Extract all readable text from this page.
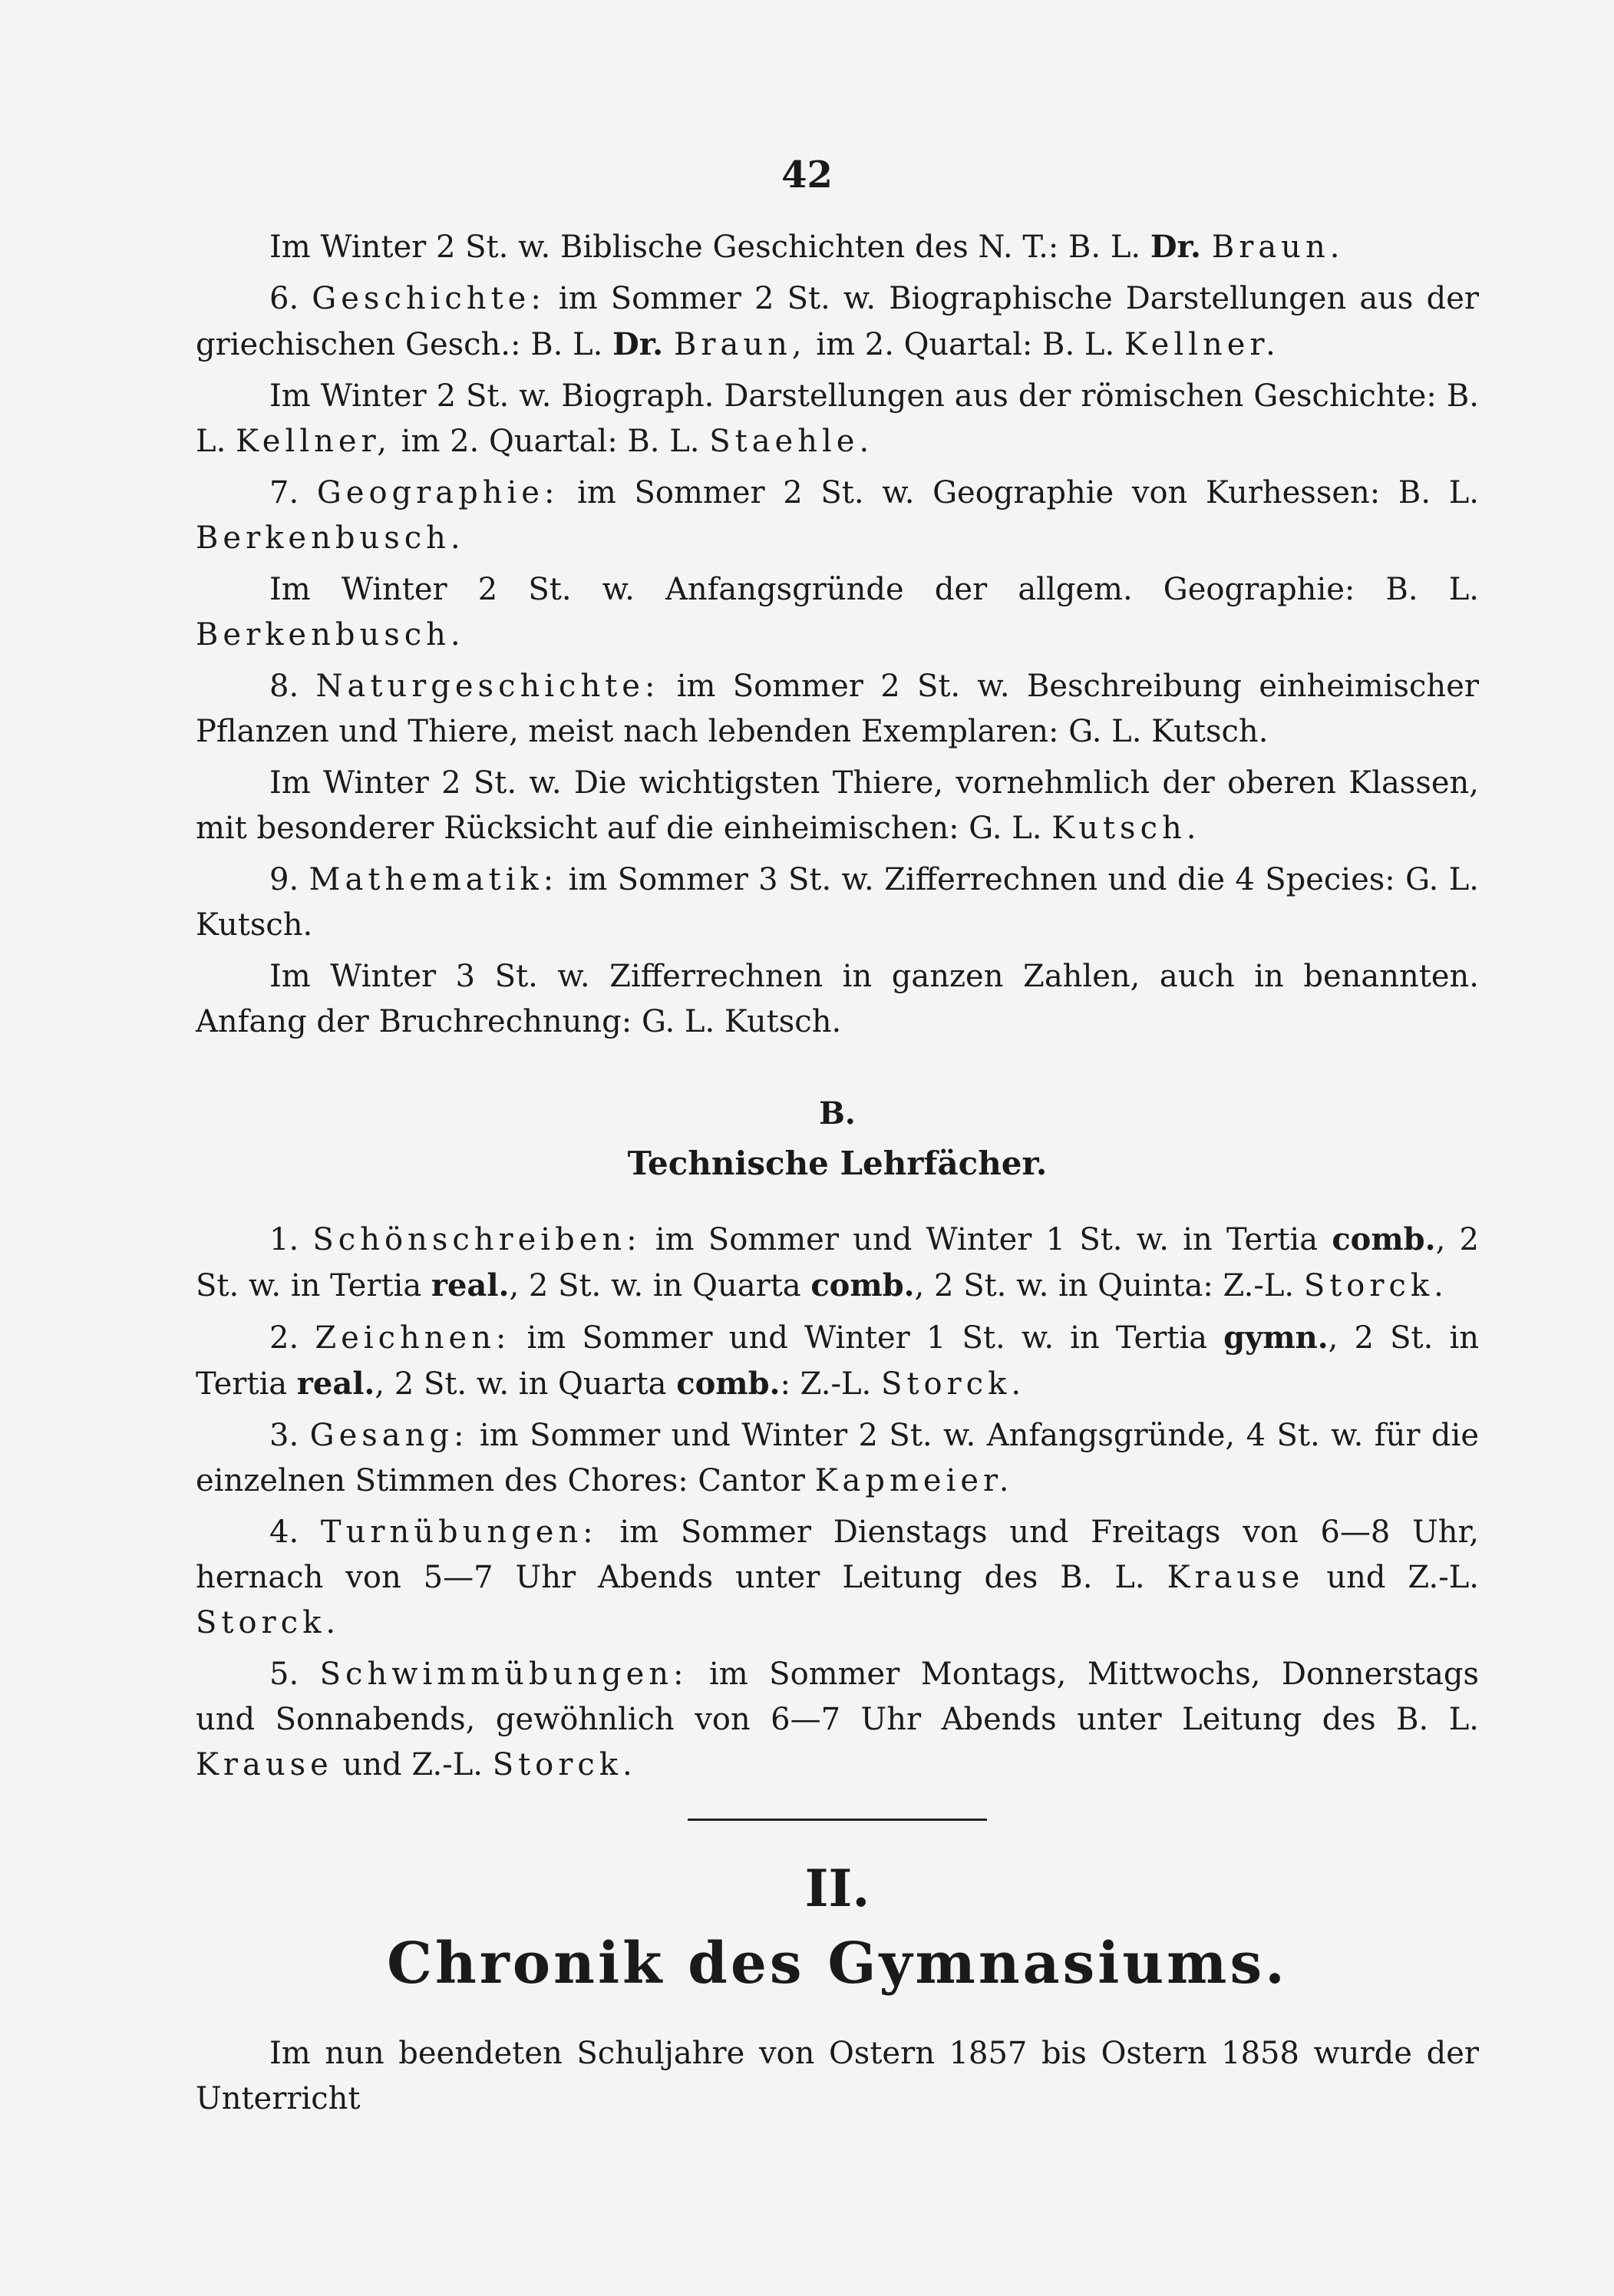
42

Im Winter 2 St. w. Biblische Geschichten des N. T.: B. L. Dr. Braun.

6. Geschichte: im Sommer 2 St. w. Biographische Darstellungen aus der griechischen Gesch.: B. L. Dr. Braun, im 2. Quartal: B. L. Kellner.

Im Winter 2 St. w. Biograph. Darstellungen aus der römischen Geschichte: B. L. Kellner, im 2. Quartal: B. L. Staehle.

7. Geographie: im Sommer 2 St. w. Geographie von Kurhessen: B. L. Berkenbusch.

Im Winter 2 St. w. Anfangsgründe der allgem. Geographie: B. L. Berkenbusch.

8. Naturgeschichte: im Sommer 2 St. w. Beschreibung einheimischer Pflanzen und Thiere, meist nach lebenden Exemplaren: G. L. Kutsch.

Im Winter 2 St. w. Die wichtigsten Thiere, vornehmlich der oberen Klassen, mit besonderer Rücksicht auf die einheimischen: G. L. Kutsch.

9. Mathematik: im Sommer 3 St. w. Zifferrechnen und die 4 Species: G. L. Kutsch.

Im Winter 3 St. w. Zifferrechnen in ganzen Zahlen, auch in benannten. Anfang der Bruchrechnung: G. L. Kutsch.

B.
Technische Lehrfächer.

1. Schönschreiben: im Sommer und Winter 1 St. w. in Tertia comb., 2 St. w. in Tertia real., 2 St. w. in Quarta comb., 2 St. w. in Quinta: Z.-L. Storck.

2. Zeichnen: im Sommer und Winter 1 St. w. in Tertia gymn., 2 St. in Tertia real., 2 St. w. in Quarta comb.: Z.-L. Storck.

3. Gesang: im Sommer und Winter 2 St. w. Anfangsgründe, 4 St. w. für die einzelnen Stimmen des Chores: Cantor Kapmeier.

4. Turnübungen: im Sommer Dienstags und Freitags von 6—8 Uhr, hernach von 5—7 Uhr Abends unter Leitung des B. L. Krause und Z.-L. Storck.

5. Schwimmübungen: im Sommer Montags, Mittwochs, Donnerstags und Sonnabends, gewöhnlich von 6—7 Uhr Abends unter Leitung des B. L. Krause und Z.-L. Storck.

II.
Chronik des Gymnasiums.

Im nun beendeten Schuljahre von Ostern 1857 bis Ostern 1858 wurde der Unterricht
